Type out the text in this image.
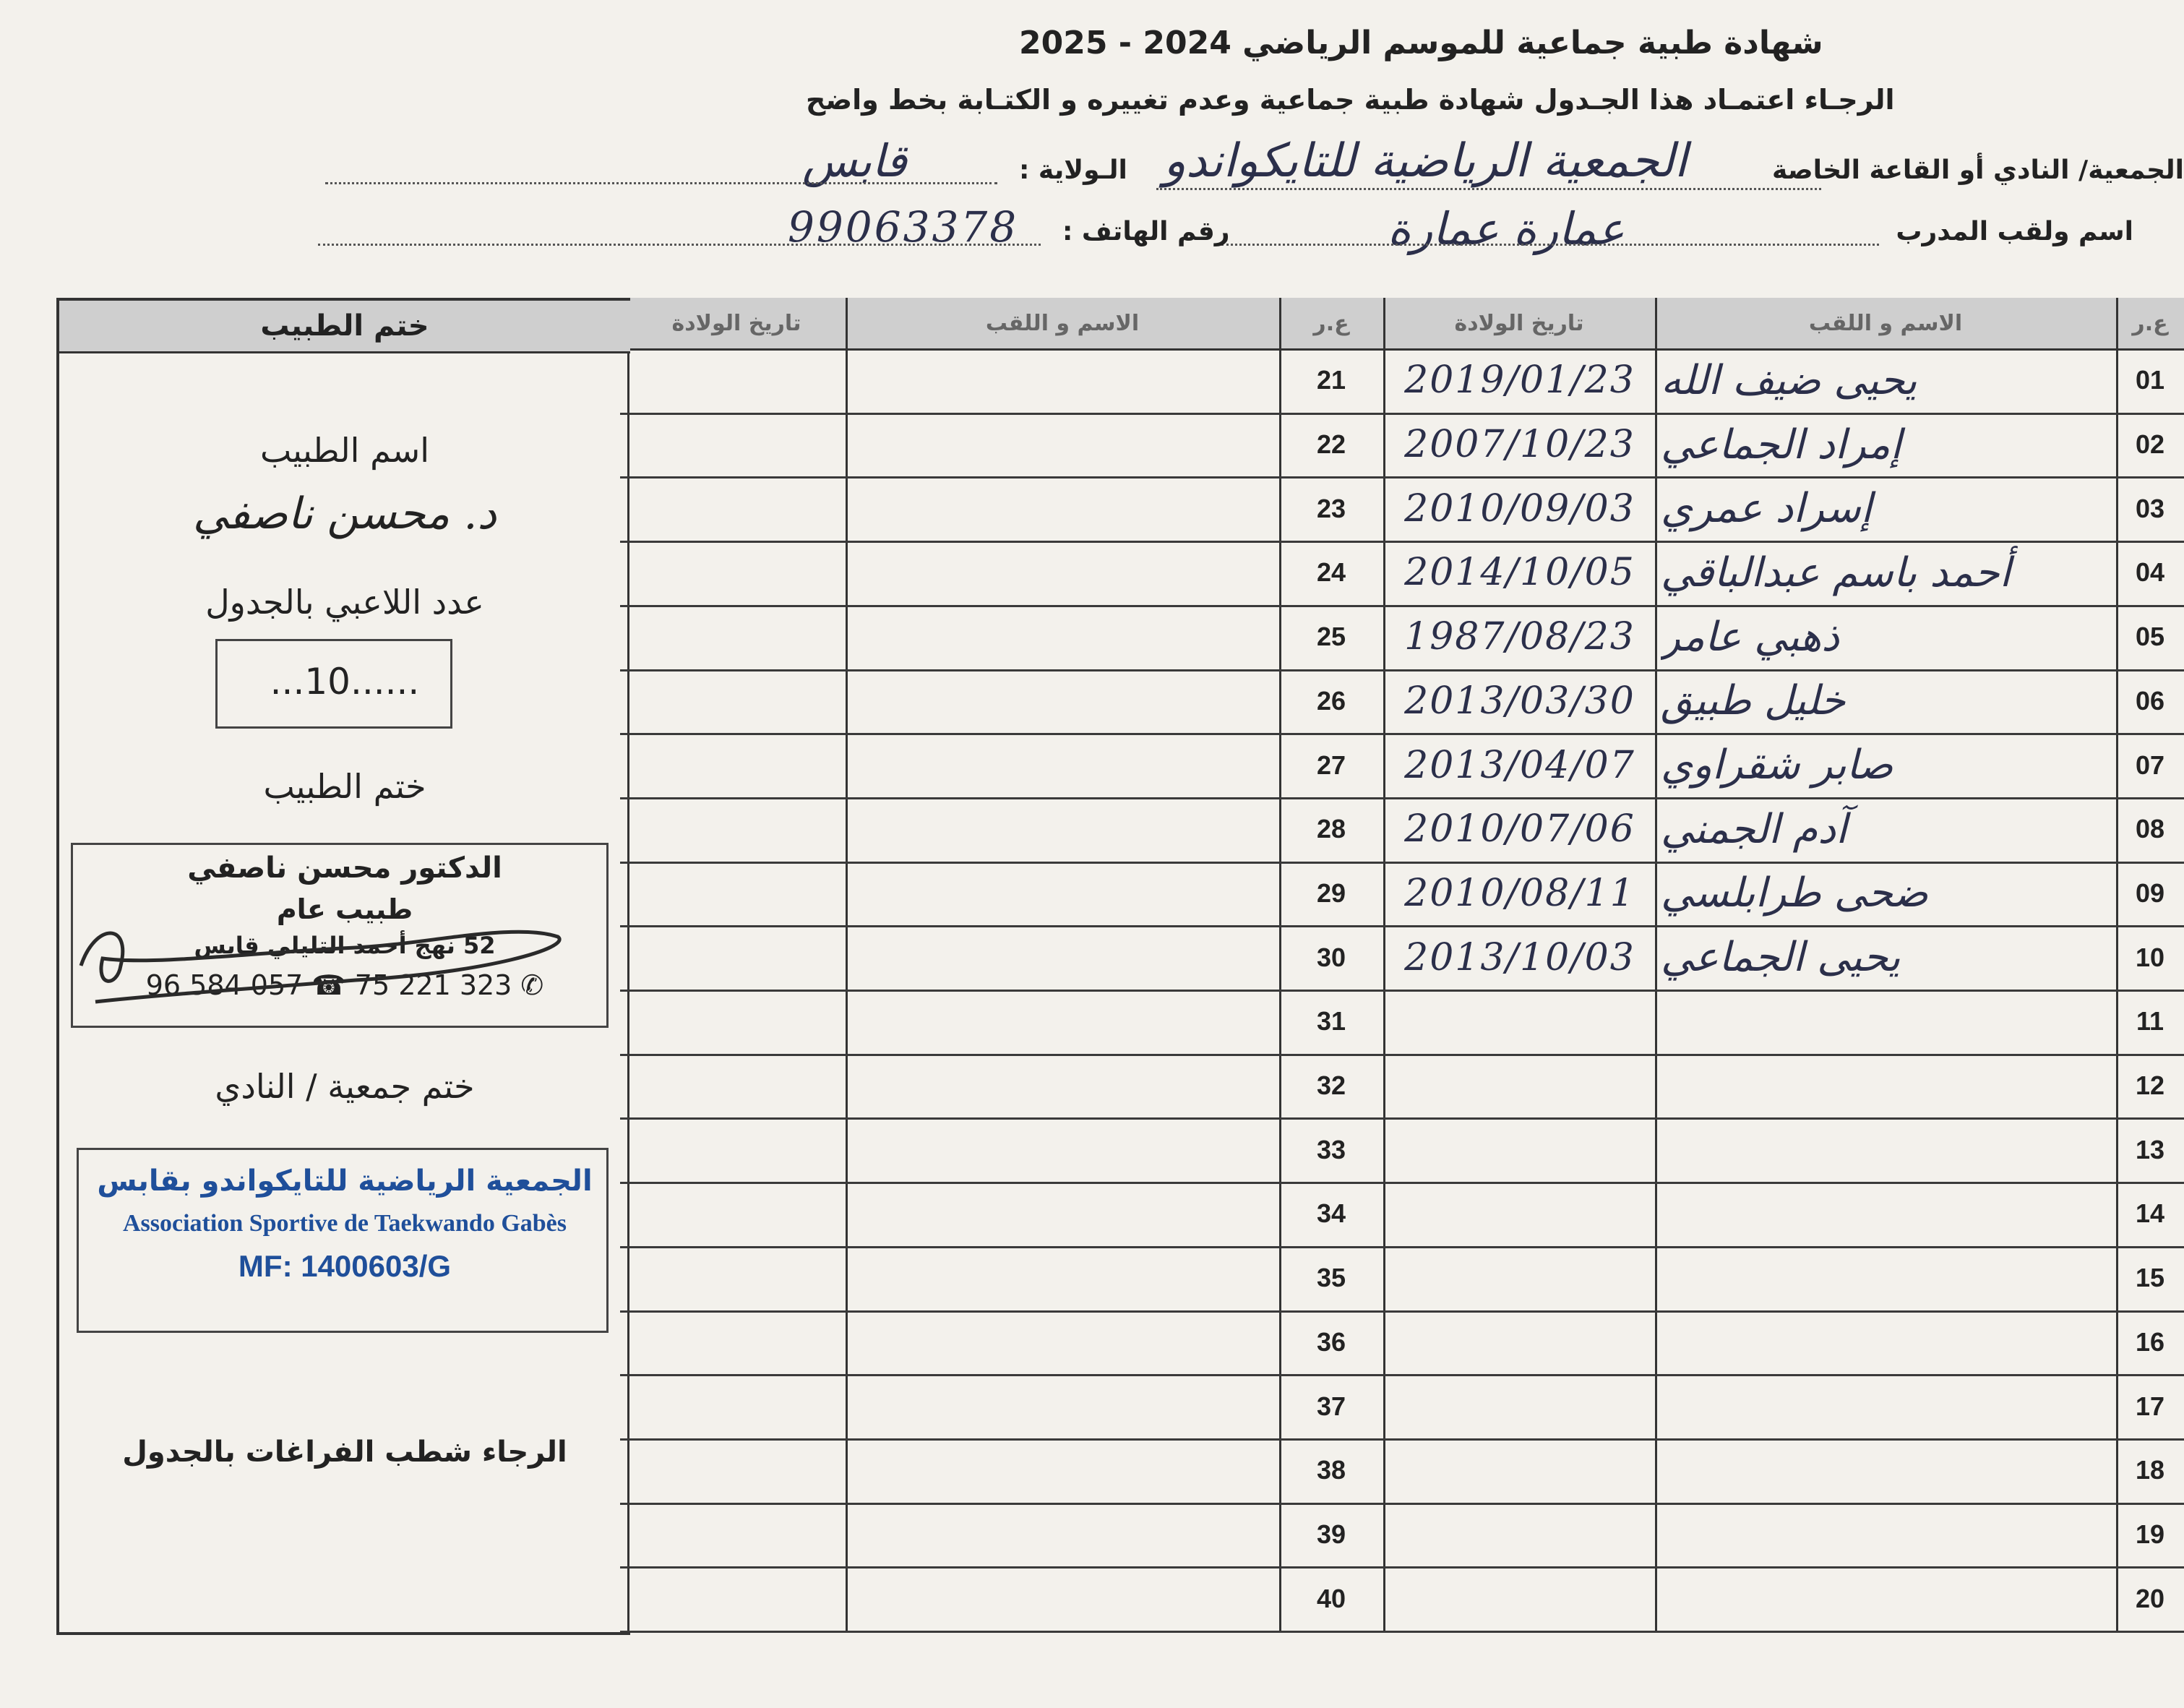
شهادة طبية جماعية للموسم الرياضي 2024 - 2025
الرجـاء اعتمـاد هذا الجـدول شهادة طبية جماعية وعدم تغييره و الكتـابة بخط واضح
الجمعية/ النادي أو القاعة الخاصة
الجمعية الرياضية للتايكواندو
الـولاية :
قابس
اسم ولقب المدرب
عمارة عمارة
رقم الهاتف :
99063378
ع.ر
الاسم و اللقب
تاريخ الولادة
ع.ر
الاسم و اللقب
تاريخ الولادة
01
يحيى ضيف الله
2019/01/23
21
02
إمراد الجماعي
2007/10/23
22
03
إسراد عمري
2010/09/03
23
04
أحمد باسم عبدالباقي
2014/10/05
24
05
ذهبي عامر
1987/08/23
25
06
خليل طبيق
2013/03/30
26
07
صابر شقراوي
2013/04/07
27
08
آدم الجمني
2010/07/06
28
09
ضحى طرابلسي
2010/08/11
29
10
يحيى الجماعي
2013/10/03
30
11
31
12
32
13
33
14
34
15
35
16
36
17
37
18
38
19
39
20
40
ختم الطبيب
اسم الطبيب
د. محسن ناصفي
عدد اللاعبي بالجدول
......10...
ختم الطبيب
الدكتور محسن ناصفي
طبيب عام
52 نهج أحمد التليلي قابس
96 584 057 ☎ 75 221 323 ✆
ختم جمعية / النادي
الجمعية الرياضية للتايكواندو بقابس
Association Sportive de Taekwando Gabès
MF: 1400603/G
الرجاء شطب الفراغات بالجدول
